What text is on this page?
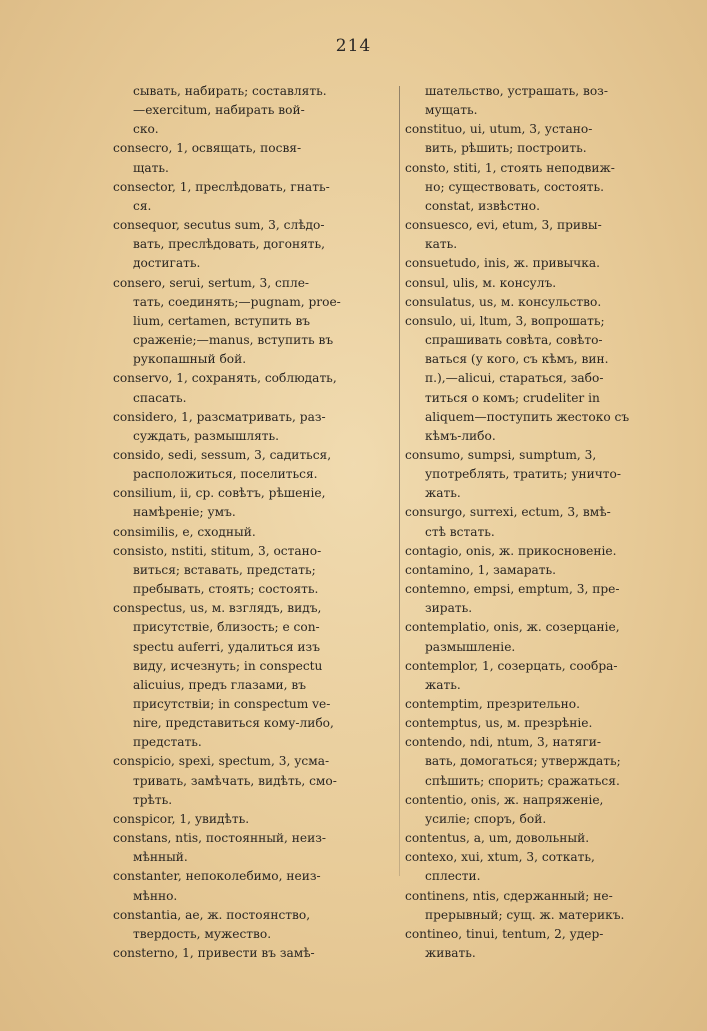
214
сывать, набирать; составлять.
—exercitum, набирать вой-
ско.
consecro, 1, освящать, посвя-
щать.
consector, 1, преслѣдовать, гнать-
ся.
consequor, secutus sum, 3, слѣдо-
вать, преслѣдовать, догонять,
достигать.
consero, serui, sertum, 3, спле-
тать, соединять;—pugnam, proe-
lium, certamen, вступить въ
сраженіе;—manus, вступить въ
рукопашный бой.
conservo, 1, сохранять, соблюдать,
спасать.
considero, 1, разсматривать, раз-
суждать, размышлять.
consido, sedi, sessum, 3, садиться,
расположиться, поселиться.
consilium, ii, ср. совѣтъ, рѣшеніе,
намѣреніе; умъ.
consimilis, e, сходный.
consisto, nstiti, stitum, 3, остано-
виться; вставать, предстать;
пребывать, стоять; состоять.
conspectus, us, м. взглядъ, видъ,
присутствіе, близость; e con-
spectu auferri, удалиться изъ
виду, исчезнуть; in conspectu
alicuius, предъ глазами, въ
присутствіи; in conspectum ve-
nire, представиться кому-либо,
предстать.
conspicio, spexi, spectum, 3, усма-
тривать, замѣчать, видѣть, смо-
трѣть.
conspicor, 1, увидѣть.
constans, ntis, постоянный, неиз-
мѣнный.
constanter, непоколебимо, неиз-
мѣнно.
constantia, ae, ж. постоянство,
твердость, мужество.
consterno, 1, привести въ замѣ-
шательство, устрашать, воз-
мущать.
constituo, ui, utum, 3, устано-
вить, рѣшить; построить.
consto, stiti, 1, стоять неподвиж-
но; существовать, состоять.
constat, извѣстно.
consuesco, evi, etum, 3, привы-
кать.
consuetudo, inis, ж. привычка.
consul, ulis, м. консулъ.
consulatus, us, м. консульство.
consulo, ui, ltum, 3, вопрошать;
спрашивать совѣта, совѣто-
ваться (у кого, съ кѣмъ, вин.
п.),—alicui, стараться, забо-
титься о комъ; crudeliter in
aliquem—поступить жестоко съ
кѣмъ-либо.
consumo, sumpsi, sumptum, 3,
употреблять, тратить; уничто-
жать.
consurgo, surrexi, ectum, 3, вмѣ-
стѣ встать.
contagio, onis, ж. прикосновеніе.
contamino, 1, замарать.
contemno, empsi, emptum, 3, пре-
зирать.
contemplatio, onis, ж. созерцаніе,
размышленіе.
contemplor, 1, созерцать, сообра-
жать.
contemptim, презрительно.
contemptus, us, м. презрѣніе.
contendo, ndi, ntum, 3, натяги-
вать, домогаться; утверждать;
спѣшить; спорить; сражаться.
contentio, onis, ж. напряженіе,
усиліе; споръ, бой.
contentus, a, um, довольный.
contexo, xui, xtum, 3, соткать,
сплести.
continens, ntis, сдержанный; не-
прерывный; сущ. ж. материкъ.
contineo, tinui, tentum, 2, удер-
живать.
